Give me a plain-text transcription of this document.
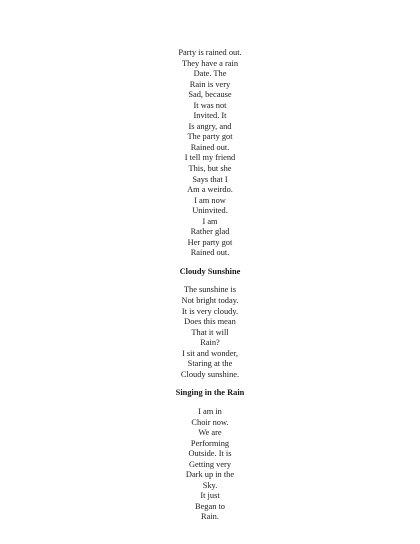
Party is rained out.
They have a rain
Date. The
Rain is very
Sad, because
It was not
Invited. It
Is angry, and
The party got
Rained out.
I tell my friend
This, but she
Says that I
Am a weirdo.
I am now
Uninvited.
I am
Rather glad
Her party got
Rained out.
Cloudy Sunshine
The sunshine is
Not bright today.
It is very cloudy.
Does this mean
That it will
Rain?
I sit and wonder,
Staring at the
Cloudy sunshine.
Singing in the Rain
I am in
Choir now.
We are
Performing
Outside. It is
Getting very
Dark up in the
Sky.
It just
Began to
Rain.
